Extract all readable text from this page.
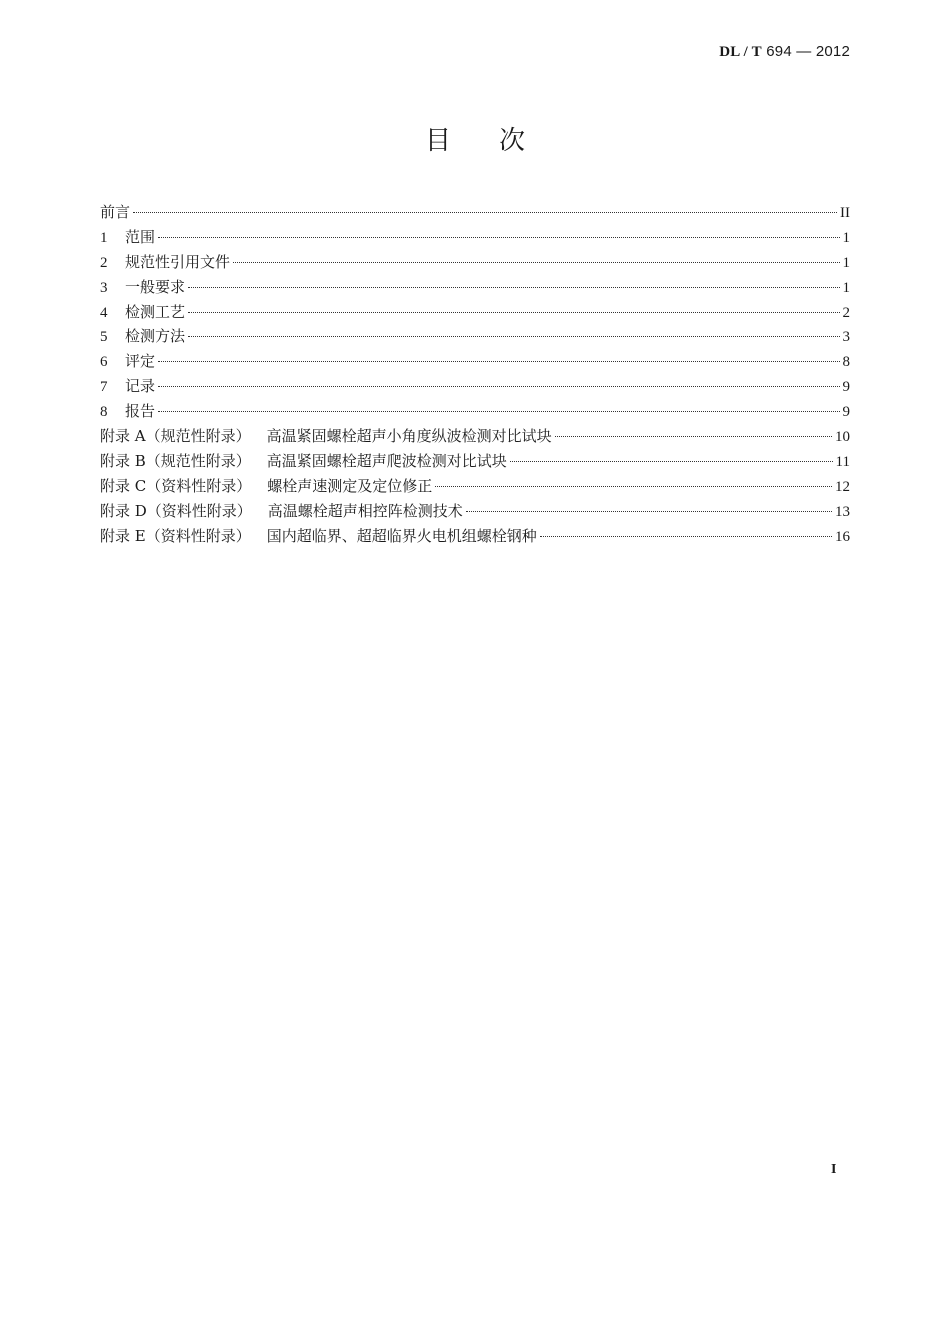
DL / T 694 — 2012
目次
前言	II
1	范围	1
2	规范性引用文件	1
3	一般要求	1
4	检测工艺	2
5	检测方法	3
6	评定	8
7	记录	9
8	报告	9
附录 A（规范性附录） 高温紧固螺栓超声小角度纵波检测对比试块	10
附录 B（规范性附录） 高温紧固螺栓超声爬波检测对比试块	11
附录 C（资料性附录） 螺栓声速测定及定位修正	12
附录 D（资料性附录） 高温螺栓超声相控阵检测技术	13
附录 E（资料性附录） 国内超临界、超超临界火电机组螺栓钢种	16
I
